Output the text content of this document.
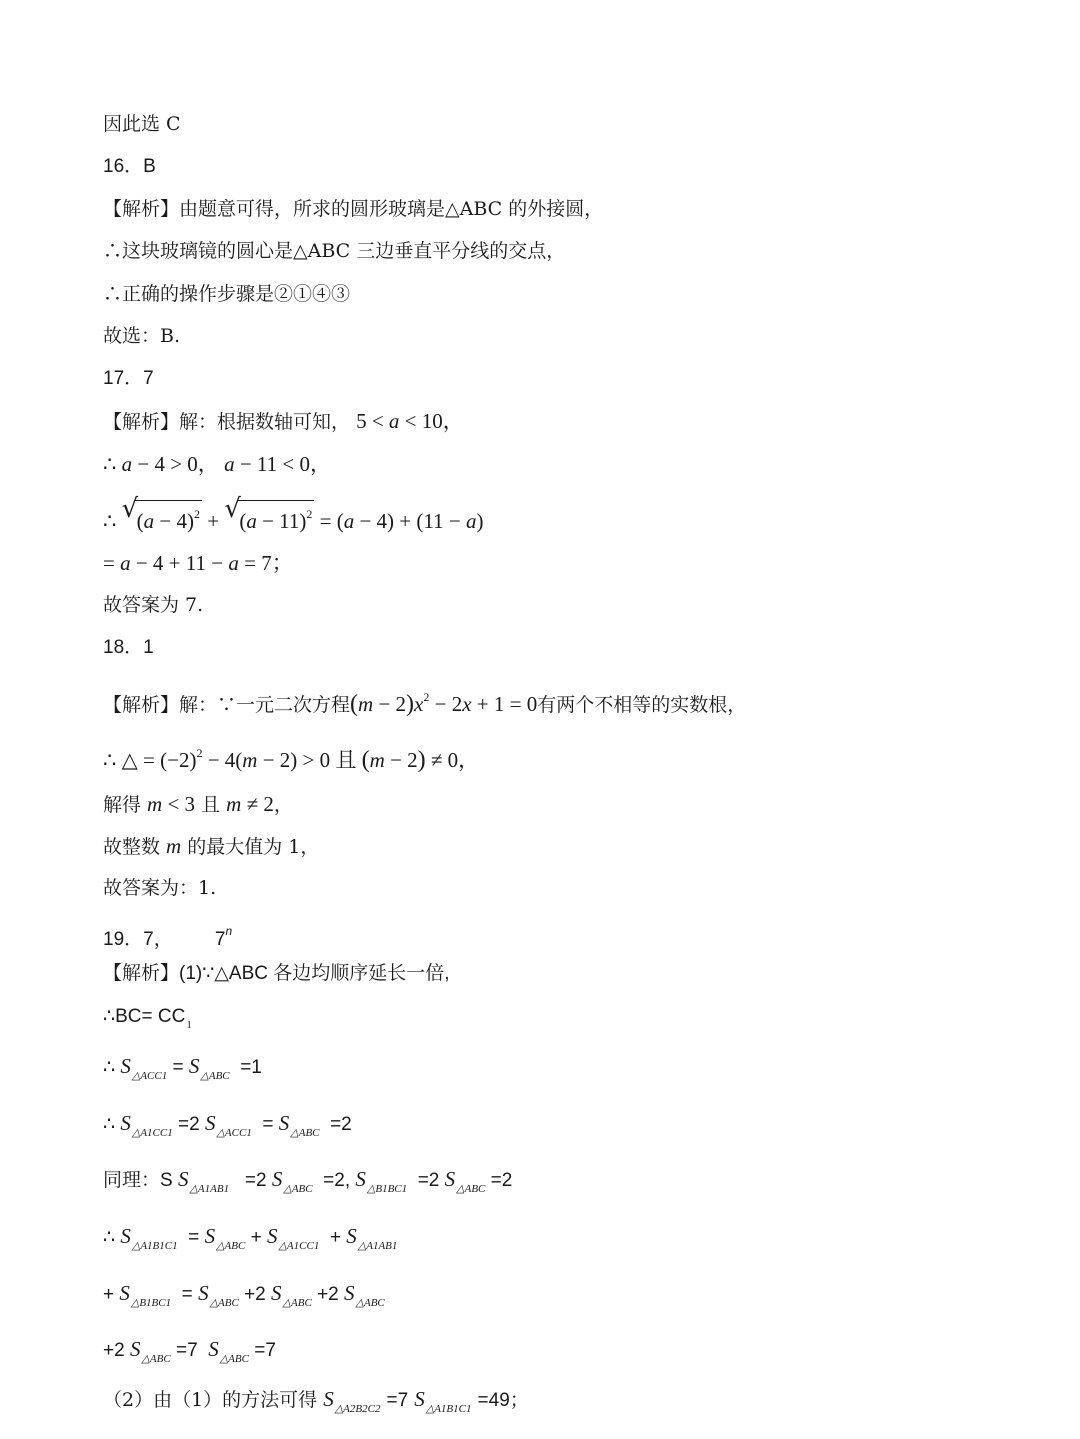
因此选 C
16．B
【解析】由题意可得，所求的圆形玻璃是△ABC 的外接圆，
∴这块玻璃镜的圆心是△ABC 三边垂直平分线的交点，
∴正确的操作步骤是②①④③
故选：B.
17．7
【解析】解：根据数轴可知， 5 < a < 10，
∴ a − 4 > 0， a − 11 < 0，
∴ √
$(a - 4)^2$ + √
$(a - 11)^2 = (a - 4) + (11 - a)$
= a − 4 + 11 − a = 7；
故答案为 7.
18．1
【解析】解：∵一元二次方程$(m - 2)x^2 - 2x + 1 = 0$有两个不相等的实数根，
∴ △ = $(-2)^2 - 4(m - 2) > 0$ 且 (m − 2) ≠ 0，
解得 m < 3 且 m ≠ 2，
故整数 m 的最大值为 1，
故答案为：1.
19．7，        7$^n$
【解析】(1)∵△ABC 各边均顺序延长一倍,
∴BC= $CC_1$
∴ $S_{\triangle ACC1} = S_{\triangle ABC} =1$
∴ $S_{\triangle A1CC1} =2$ $S_{\triangle ACC1} = S_{\triangle ABC} =2$
同理：S $S_{\triangle A1AB1} =2$ $S_{\triangle ABC} =2$, $S_{\triangle B1BC1} =2$ $S_{\triangle ABC} =2$
∴ $S_{\triangle A1B1C1} = S_{\triangle ABC} + S_{\triangle A1CC1} + S_{\triangle A1AB1}$
+ $S_{\triangle B1BC1} = S_{\triangle ABC} +2$ $S_{\triangle ABC} +2$ $S_{\triangle ABC}$
+2 $S_{\triangle ABC} =7$  $S_{\triangle ABC} =7$
（2）由（1）的方法可得 $S_{\triangle A2B2C2} =7$ $S_{\triangle A1B1C1} =49$；
